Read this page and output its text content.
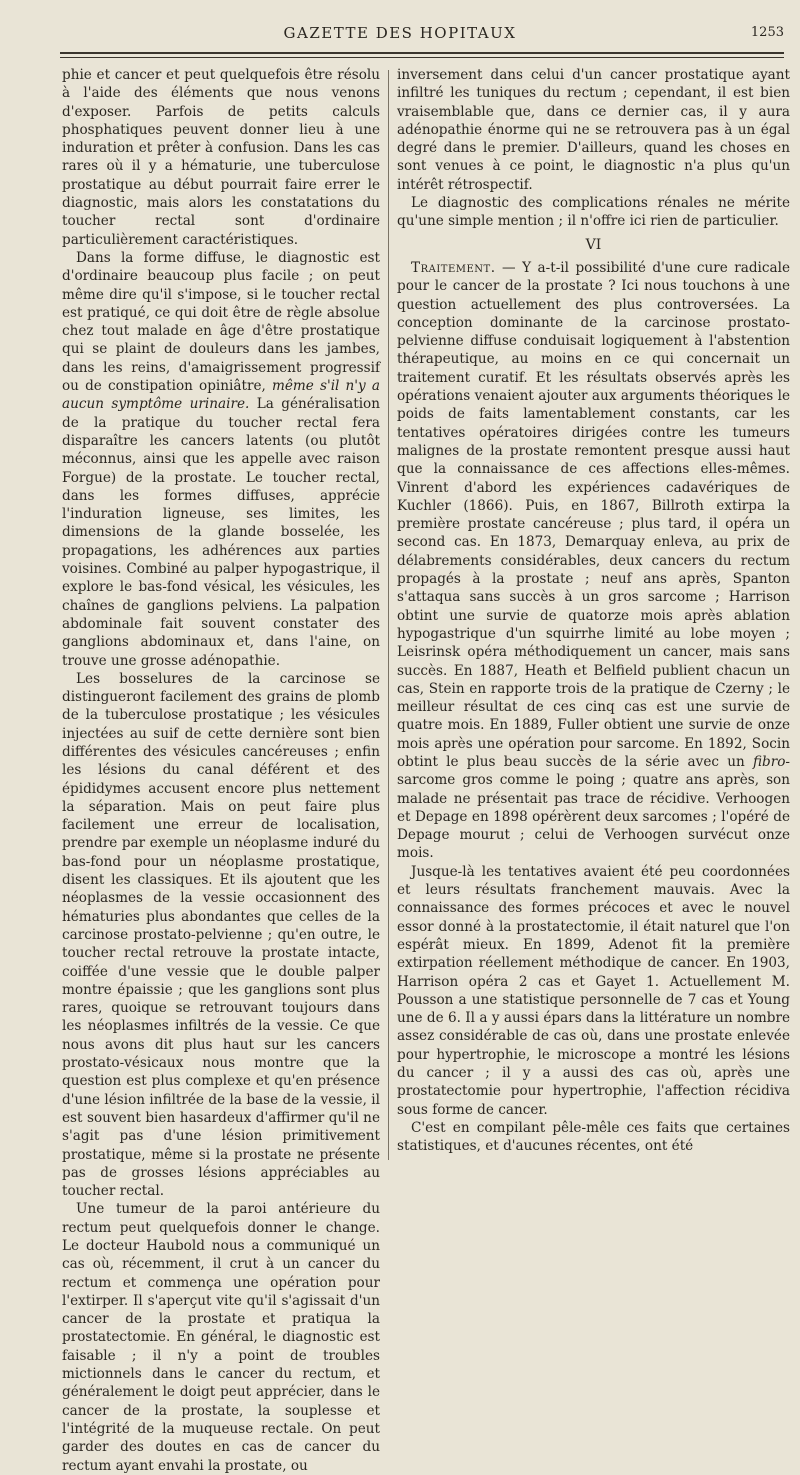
GAZETTE DES HOPITAUX	1253

phie et cancer et peut quelquefois être résolu à l'aide des éléments que nous venons d'exposer. Parfois de petits calculs phosphatiques peuvent donner lieu à une induration et prêter à confusion. Dans les cas rares où il y a hématurie, une tuberculose prostatique au début pourrait faire errer le diagnostic, mais alors les constatations du toucher rectal sont d'ordinaire particulièrement caractéristiques.

Dans la forme diffuse, le diagnostic est d'ordinaire beaucoup plus facile ; on peut même dire qu'il s'impose, si le toucher rectal est pratiqué, ce qui doit être de règle absolue chez tout malade en âge d'être prostatique qui se plaint de douleurs dans les jambes, dans les reins, d'amaigrissement progressif ou de constipation opiniâtre, même s'il n'y a aucun symptôme urinaire. La généralisation de la pratique du toucher rectal fera disparaître les cancers latents (ou plutôt méconnus, ainsi que les appelle avec raison Forgue) de la prostate. Le toucher rectal, dans les formes diffuses, apprécie l'induration ligneuse, ses limites, les dimensions de la glande bosselée, les propagations, les adhérences aux parties voisines. Combiné au palper hypogastrique, il explore le bas-fond vésical, les vésicules, les chaînes de ganglions pelviens. La palpation abdominale fait souvent constater des ganglions abdominaux et, dans l'aine, on trouve une grosse adénopathie.

Les bosselures de la carcinose se distingueront facilement des grains de plomb de la tuberculose prostatique ; les vésicules injectées au suif de cette dernière sont bien différentes des vésicules cancéreuses ; enfin les lésions du canal déférent et des épididymes accusent encore plus nettement la séparation. Mais on peut faire plus facilement une erreur de localisation, prendre par exemple un néoplasme induré du bas-fond pour un néoplasme prostatique, disent les classiques. Et ils ajoutent que les néoplasmes de la vessie occasionnent des hématuries plus abondantes que celles de la carcinose prostato-pelvienne ; qu'en outre, le toucher rectal retrouve la prostate intacte, coiffée d'une vessie que le double palper montre épaissie ; que les ganglions sont plus rares, quoique se retrouvant toujours dans les néoplasmes infiltrés de la vessie. Ce que nous avons dit plus haut sur les cancers prostato-vésicaux nous montre que la question est plus complexe et qu'en présence d'une lésion infiltrée de la base de la vessie, il est souvent bien hasardeux d'affirmer qu'il ne s'agit pas d'une lésion primitivement prostatique, même si la prostate ne présente pas de grosses lésions appréciables au toucher rectal.

Une tumeur de la paroi antérieure du rectum peut quelquefois donner le change. Le docteur Haubold nous a communiqué un cas où, récemment, il crut à un cancer du rectum et commença une opération pour l'extirper. Il s'aperçut vite qu'il s'agissait d'un cancer de la prostate et pratiqua la prostatectomie. En général, le diagnostic est faisable ; il n'y a point de troubles mictionnels dans le cancer du rectum, et généralement le doigt peut apprécier, dans le cancer de la prostate, la souplesse et l'intégrité de la muqueuse rectale. On peut garder des doutes en cas de cancer du rectum ayant envahi la prostate, ou

inversement dans celui d'un cancer prostatique ayant infiltré les tuniques du rectum ; cependant, il est bien vraisemblable que, dans ce dernier cas, il y aura adénopathie énorme qui ne se retrouvera pas à un égal degré dans le premier. D'ailleurs, quand les choses en sont venues à ce point, le diagnostic n'a plus qu'un intérêt rétrospectif.

Le diagnostic des complications rénales ne mérite qu'une simple mention ; il n'offre ici rien de particulier.

VI

Traitement. — Y a-t-il possibilité d'une cure radicale pour le cancer de la prostate ? Ici nous touchons à une question actuellement des plus controversées. La conception dominante de la carcinose prostato-pelvienne diffuse conduisait logiquement à l'abstention thérapeutique, au moins en ce qui concernait un traitement curatif. Et les résultats observés après les opérations venaient ajouter aux arguments théoriques le poids de faits lamentablement constants, car les tentatives opératoires dirigées contre les tumeurs malignes de la prostate remontent presque aussi haut que la connaissance de ces affections elles-mêmes. Vinrent d'abord les expériences cadavériques de Kuchler (1866). Puis, en 1867, Billroth extirpa la première prostate cancéreuse ; plus tard, il opéra un second cas. En 1873, Demarquay enleva, au prix de délabrements considérables, deux cancers du rectum propagés à la prostate ; neuf ans après, Spanton s'attaqua sans succès à un gros sarcome ; Harrison obtint une survie de quatorze mois après ablation hypogastrique d'un squirrhe limité au lobe moyen ; Leisrinsk opéra méthodiquement un cancer, mais sans succès. En 1887, Heath et Belfield publient chacun un cas, Stein en rapporte trois de la pratique de Czerny ; le meilleur résultat de ces cinq cas est une survie de quatre mois. En 1889, Fuller obtient une survie de onze mois après une opération pour sarcome. En 1892, Socin obtint le plus beau succès de la série avec un fibro-sarcome gros comme le poing ; quatre ans après, son malade ne présentait pas trace de récidive. Verhoogen et Depage en 1898 opérèrent deux sarcomes ; l'opéré de Depage mourut ; celui de Verhoogen survécut onze mois.

Jusque-là les tentatives avaient été peu coordonnées et leurs résultats franchement mauvais. Avec la connaissance des formes précoces et avec le nouvel essor donné à la prostatectomie, il était naturel que l'on espérât mieux. En 1899, Adenot fit la première extirpation réellement méthodique de cancer. En 1903, Harrison opéra 2 cas et Gayet 1. Actuellement M. Pousson a une statistique personnelle de 7 cas et Young une de 6. Il a y aussi épars dans la littérature un nombre assez considérable de cas où, dans une prostate enlevée pour hypertrophie, le microscope a montré les lésions du cancer ; il y a aussi des cas où, après une prostatectomie pour hypertrophie, l'affection récidiva sous forme de cancer.

C'est en compilant pêle-mêle ces faits que certaines statistiques, et d'aucunes récentes, ont été
